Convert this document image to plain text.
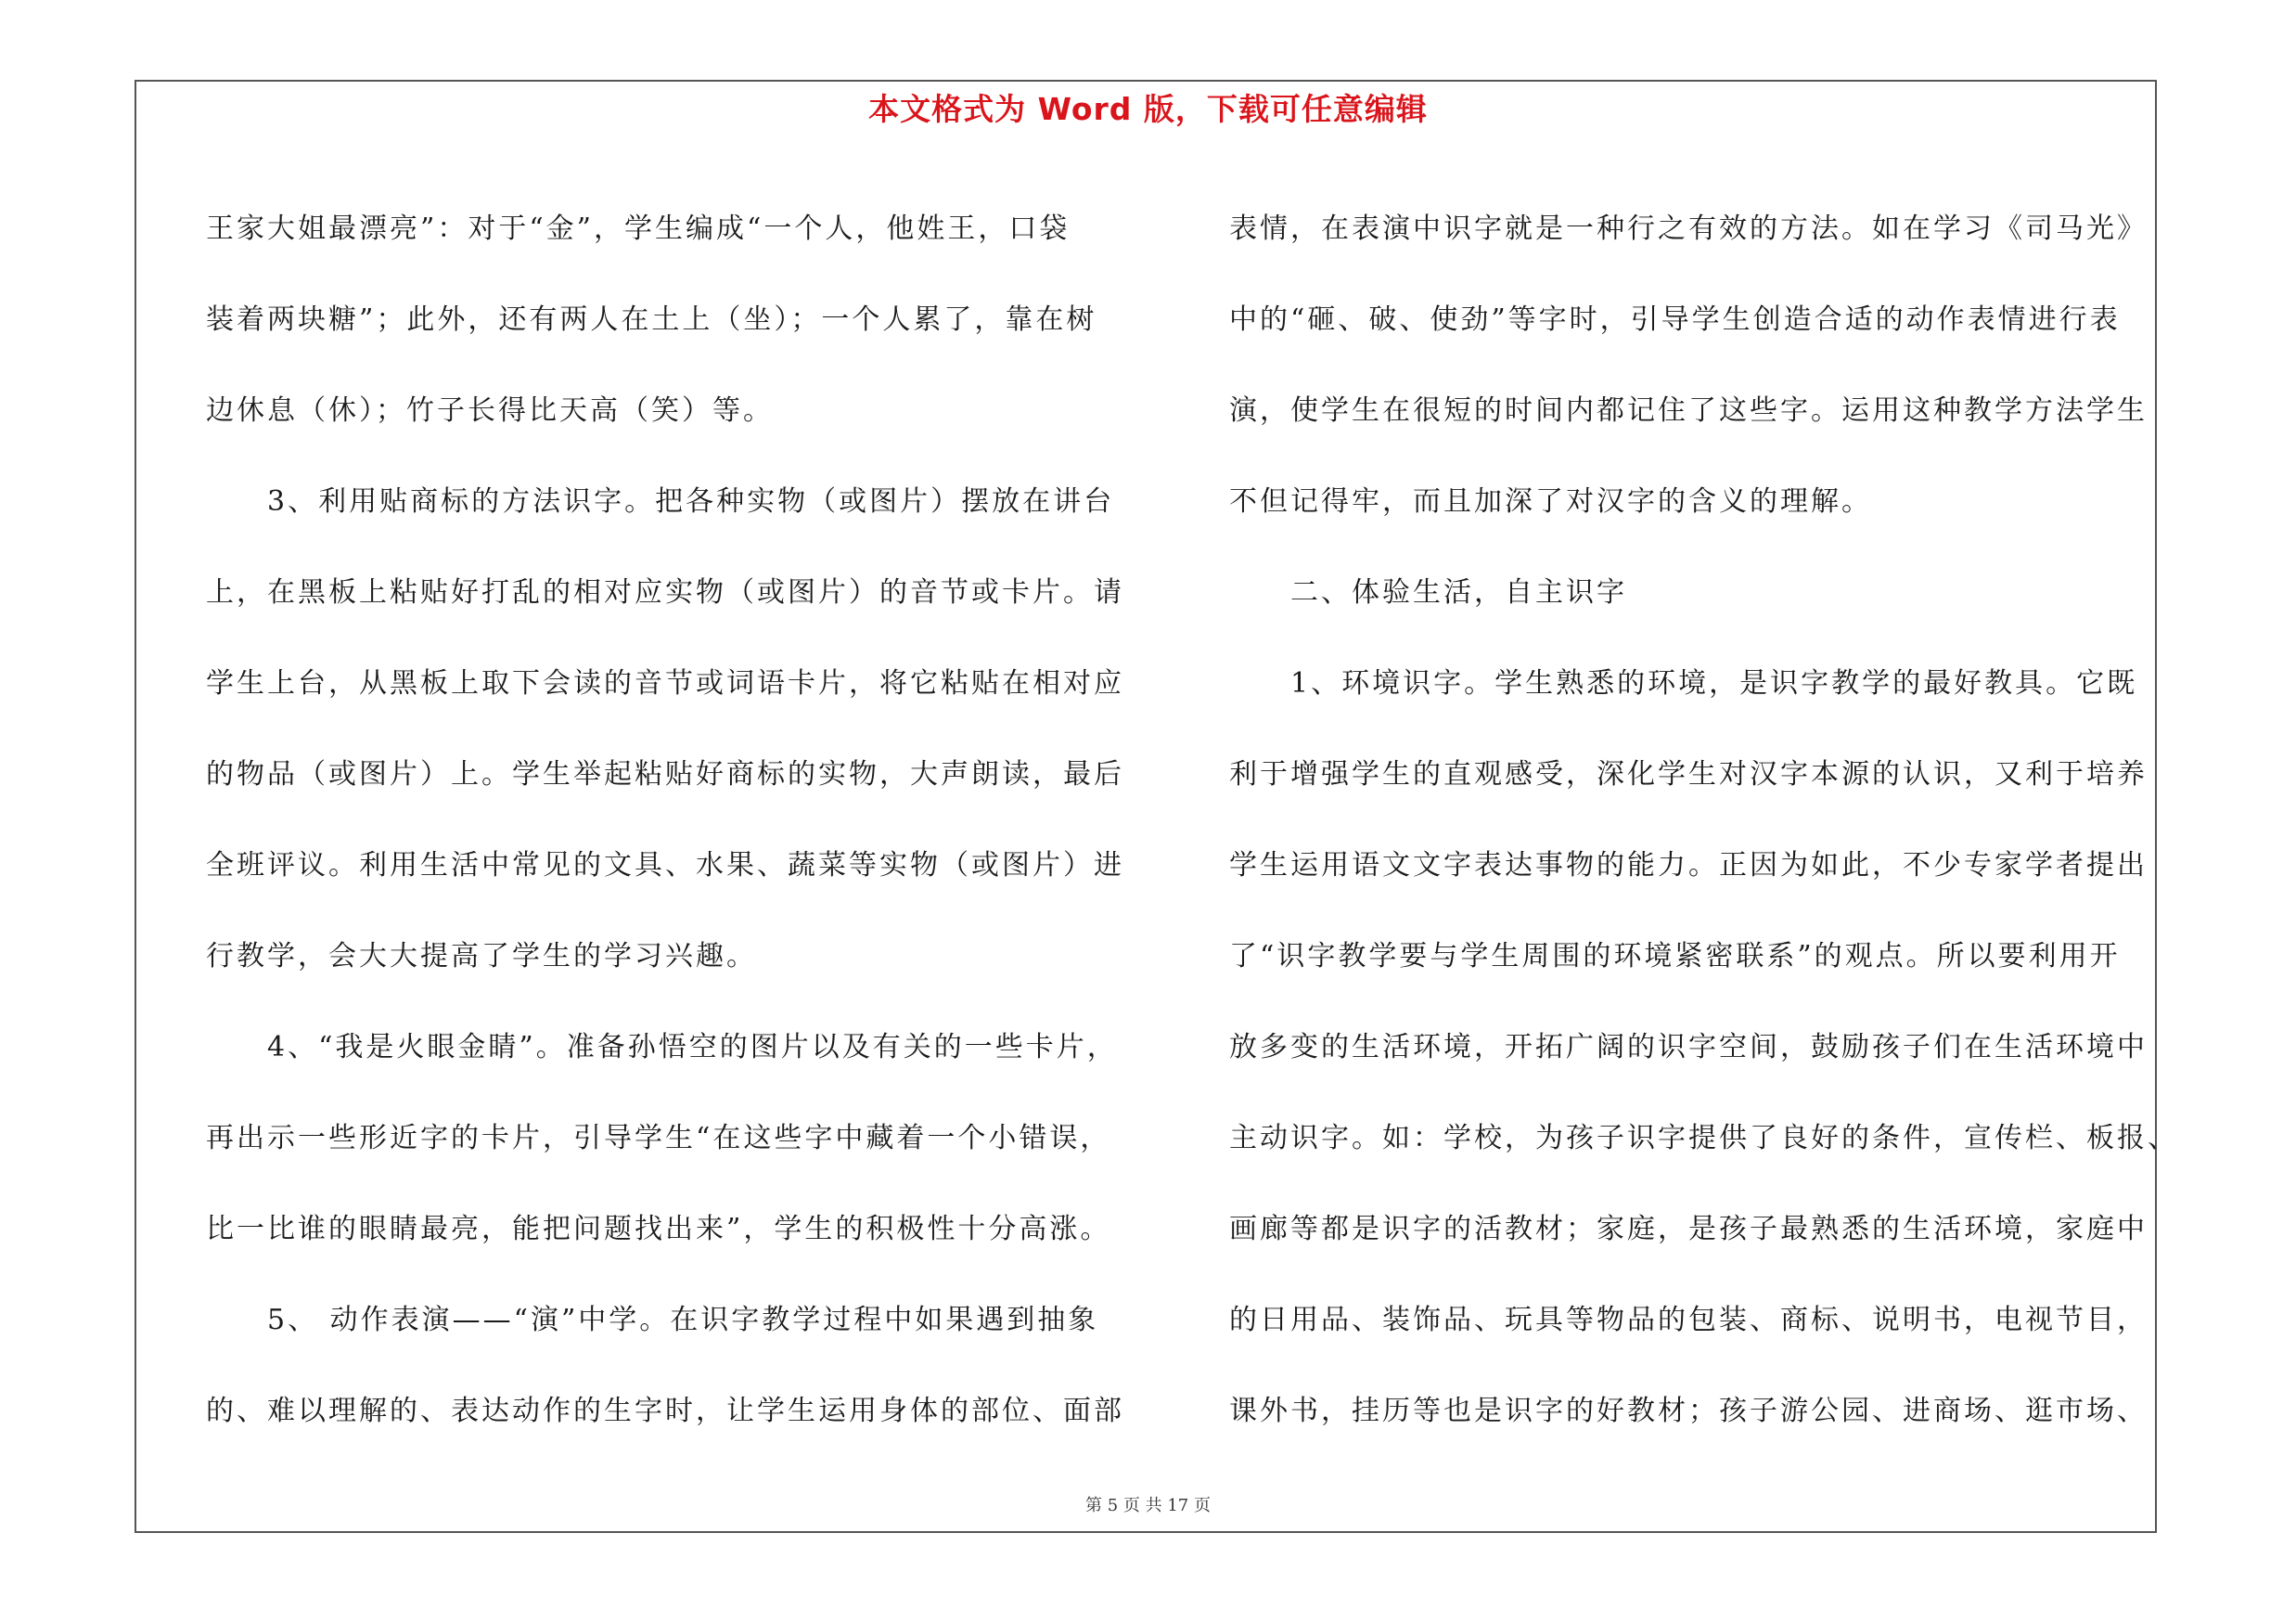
本文格式为 Word 版，下载可任意编辑
王家大姐最漂亮”：对于“金”，学生编成“一个人，他姓王，口袋
装着两块糖”；此外，还有两人在土上（坐）；一个人累了，靠在树
边休息（休）；竹子长得比天高（笑）等。
　　3、利用贴商标的方法识字。把各种实物（或图片）摆放在讲台
上，在黑板上粘贴好打乱的相对应实物（或图片）的音节或卡片。请
学生上台，从黑板上取下会读的音节或词语卡片，将它粘贴在相对应
的物品（或图片）上。学生举起粘贴好商标的实物，大声朗读，最后
全班评议。利用生活中常见的文具、水果、蔬菜等实物（或图片）进
行教学，会大大提高了学生的学习兴趣。
　　4、“我是火眼金睛”。准备孙悟空的图片以及有关的一些卡片，
再出示一些形近字的卡片，引导学生“在这些字中藏着一个小错误，
比一比谁的眼睛最亮，能把问题找出来”，学生的积极性十分高涨。
　　5、 动作表演——“演”中学。在识字教学过程中如果遇到抽象
的、难以理解的、表达动作的生字时，让学生运用身体的部位、面部
表情，在表演中识字就是一种行之有效的方法。如在学习《司马光》
中的“砸、破、使劲”等字时，引导学生创造合适的动作表情进行表
演，使学生在很短的时间内都记住了这些字。运用这种教学方法学生
不但记得牢，而且加深了对汉字的含义的理解。
　　二、体验生活，自主识字
　　1、环境识字。学生熟悉的环境，是识字教学的最好教具。它既
利于增强学生的直观感受，深化学生对汉字本源的认识，又利于培养
学生运用语文文字表达事物的能力。正因为如此，不少专家学者提出
了“识字教学要与学生周围的环境紧密联系”的观点。所以要利用开
放多变的生活环境，开拓广阔的识字空间，鼓励孩子们在生活环境中
主动识字。如：学校，为孩子识字提供了良好的条件，宣传栏、板报、
画廊等都是识字的活教材；家庭，是孩子最熟悉的生活环境，家庭中
的日用品、装饰品、玩具等物品的包装、商标、说明书，电视节目，
课外书，挂历等也是识字的好教材；孩子游公园、进商场、逛市场、
第 5 页 共 17 页
